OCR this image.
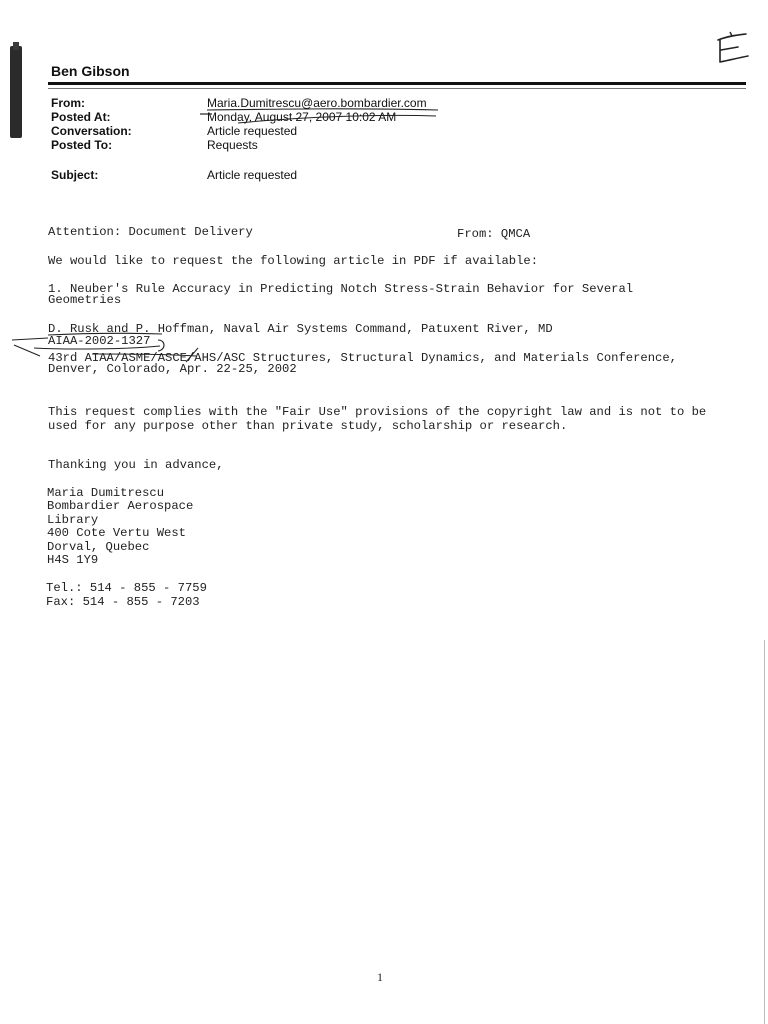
Ben Gibson
From:	Maria.Dumitrescu@aero.bombardier.com
Posted At:	Monday, August 27, 2007 10:02 AM
Conversation:	Article requested
Posted To:	Requests
Subject:	Article requested
Attention: Document Delivery	From: QMCA
We would like to request the following article in PDF if available:
1. Neuber's Rule Accuracy in Predicting Notch Stress-Strain Behavior for Several
Geometries
D. Rusk and P. Hoffman, Naval Air Systems Command, Patuxent River, MD
AIAA-2002-1327
43rd AIAA/ASME/ASCE/AHS/ASC Structures, Structural Dynamics, and Materials Conference,
Denver, Colorado, Apr. 22-25, 2002
This request complies with the "Fair Use" provisions of the copyright law and is not to be
used for any purpose other than private study, scholarship or research.
Thanking you in advance,
Maria Dumitrescu
Bombardier Aerospace
Library
400 Cote Vertu West
Dorval, Quebec
H4S 1Y9
Tel.: 514 - 855 - 7759
Fax: 514 - 855 - 7203
1
